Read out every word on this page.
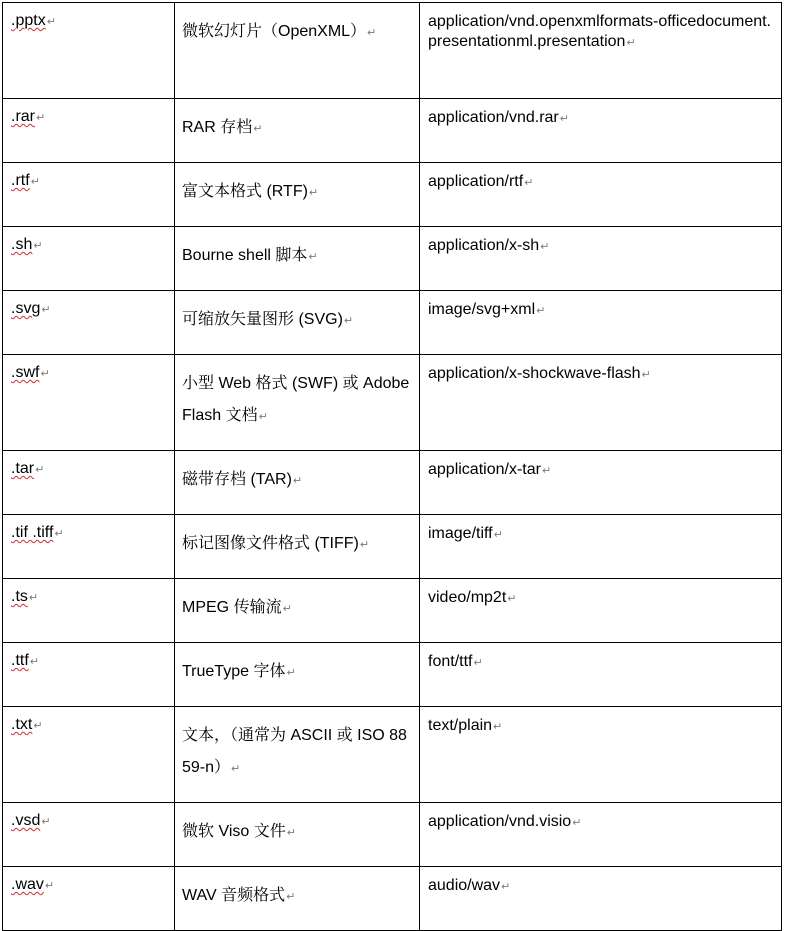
.pptx↵	微软幻灯片（OpenXML）↵	application/vnd.openxmlformats-officedocument.presentationml.presentation↵
.rar↵	RAR 存档↵	application/vnd.rar↵
.rtf↵	富文本格式 (RTF)↵	application/rtf↵
.sh↵	Bourne shell 脚本↵	application/x-sh↵
.svg↵	可缩放矢量图形 (SVG)↵	image/svg+xml↵
.swf↵	小型 Web 格式 (SWF) 或 Adobe Flash 文档↵	application/x-shockwave-flash↵
.tar↵	磁带存档 (TAR)↵	application/x-tar↵
.tif .tiff↵	标记图像文件格式 (TIFF)↵	image/tiff↵
.ts↵	MPEG 传输流↵	video/mp2t↵
.ttf↵	TrueType 字体↵	font/ttf↵
.txt↵	文本，（通常为 ASCII 或 ISO 8859-n）↵	text/plain↵
.vsd↵	微软 Viso 文件↵	application/vnd.visio↵
.wav↵	WAV 音频格式↵	audio/wav↵
